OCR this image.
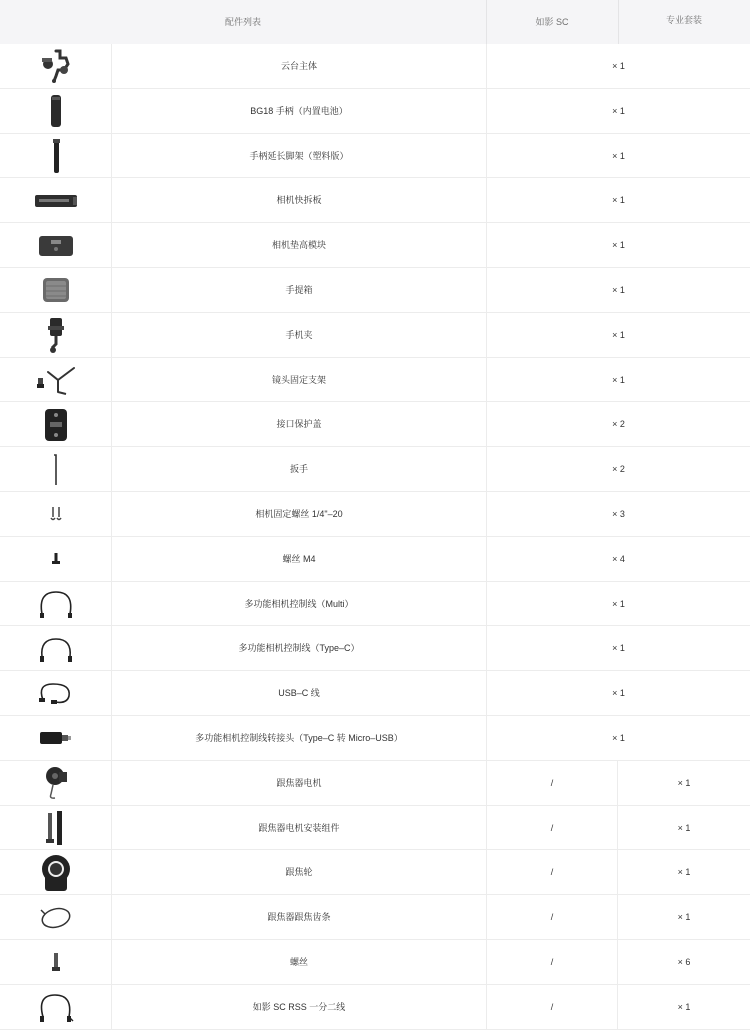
配件列表	如影 SC	专业套装
云台主体	× 1
BG18 手柄（内置电池）	× 1
手柄延长脚架（塑料版）	× 1
相机快拆板	× 1
相机垫高模块	× 1
手提箱	× 1
手机夹	× 1
镜头固定支架	× 1
接口保护盖	× 2
扳手	× 2
相机固定螺丝 1/4"–20	× 3
螺丝 M4	× 4
多功能相机控制线（Multi）	× 1
多功能相机控制线（Type–C）	× 1
USB–C 线	× 1
多功能相机控制线转接头（Type–C 转 Micro–USB）	× 1
跟焦器电机	/	× 1
跟焦器电机安装组件	/	× 1
跟焦轮	/	× 1
跟焦器跟焦齿条	/	× 1
螺丝	/	× 6
如影 SC RSS 一分二线	/	× 1
